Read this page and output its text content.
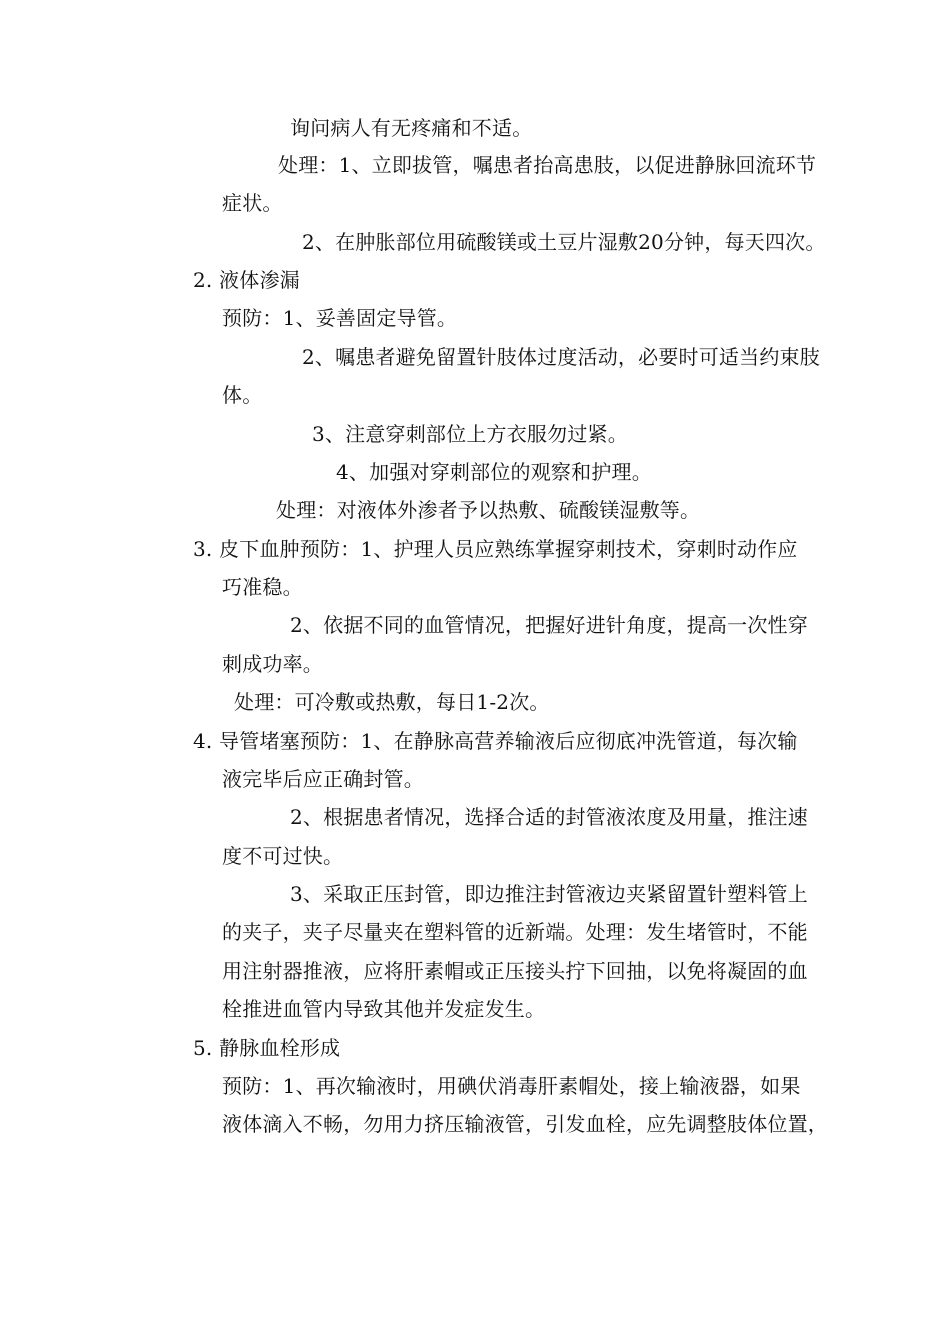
询问病人有无疼痛和不适。
处理：1、立即拔管，嘱患者抬高患肢，以促进静脉回流环节
症状。
2、在肿胀部位用硫酸镁或土豆片湿敷20分钟，每天四次。
2. 液体渗漏
预防：1、妥善固定导管。
2、嘱患者避免留置针肢体过度活动，必要时可适当约束肢
体。
3、注意穿刺部位上方衣服勿过紧。
4、加强对穿刺部位的观察和护理。
处理：对液体外渗者予以热敷、硫酸镁湿敷等。
3. 皮下血肿预防：1、护理人员应熟练掌握穿刺技术，穿刺时动作应
巧准稳。
2、依据不同的血管情况，把握好进针角度，提高一次性穿
刺成功率。
处理：可冷敷或热敷，每日1-2次。
4. 导管堵塞预防：1、在静脉高营养输液后应彻底冲洗管道，每次输
液完毕后应正确封管。
2、根据患者情况，选择合适的封管液浓度及用量，推注速
度不可过快。
3、采取正压封管，即边推注封管液边夹紧留置针塑料管上
的夹子，夹子尽量夹在塑料管的近新端。处理：发生堵管时，不能
用注射器推液，应将肝素帽或正压接头拧下回抽，以免将凝固的血
栓推进血管内导致其他并发症发生。
5. 静脉血栓形成
预防：1、再次输液时，用碘伏消毒肝素帽处，接上输液器，如果
液体滴入不畅，勿用力挤压输液管，引发血栓，应先调整肢体位置，
